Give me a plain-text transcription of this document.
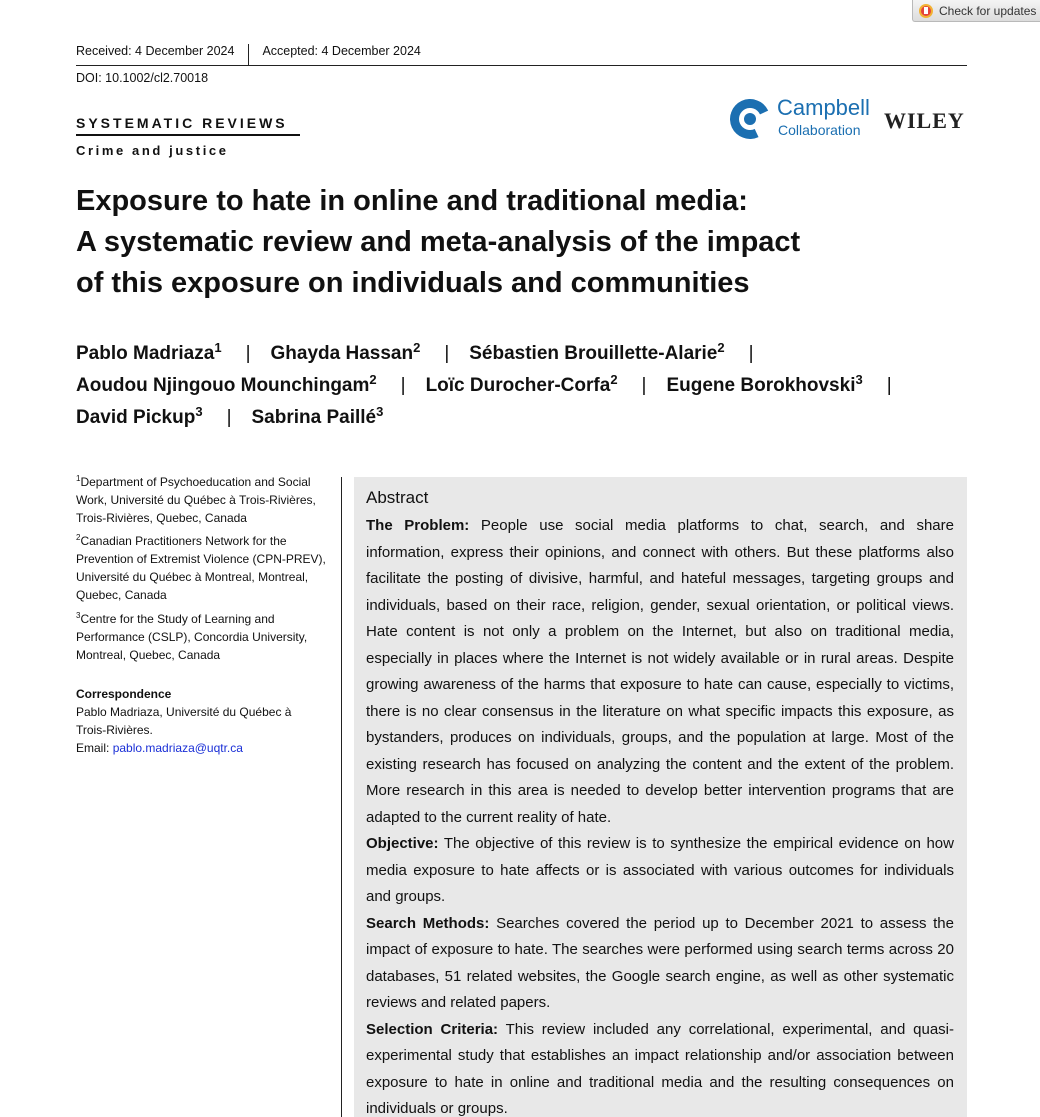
Check for updates
Received: 4 December 2024	Accepted: 4 December 2024
DOI: 10.1002/cl2.70018
SYSTEMATIC REVIEWS
Crime and justice
Campbell
Collaboration WILEY
Exposure to hate in online and traditional media:
A systematic review and meta-analysis of the impact
of this exposure on individuals and communities
Pablo Madriaza$^1$ | Ghayda Hassan$^2$ | Sébastien Brouillette-Alarie$^2$ |
Aoudou Njingouo Mounchingam$^2$ | Loïc Durocher-Corfa$^2$ | Eugene Borokhovski$^3$ |
David Pickup$^3$ | Sabrina Paillé$^3$
$^1$Department of Psychoeducation and Social
Work, Université du Québec à Trois-Rivières,
Trois-Rivières, Quebec, Canada
$^2$Canadian Practitioners Network for the
Prevention of Extremist Violence (CPN-PREV),
Université du Québec à Montreal, Montreal,
Quebec, Canada
$^3$Centre for the Study of Learning and
Performance (CSLP), Concordia University,
Montreal, Quebec, Canada
Correspondence
Pablo Madriaza, Université du Québec à
Trois-Rivières.
Email: pablo.madriaza@uqtr.ca
Abstract

The Problem: People use social media platforms to chat, search, and share information, express their opinions, and connect with others. But these platforms also facilitate the posting of divisive, harmful, and hateful messages, targeting groups and individuals, based on their race, religion, gender, sexual orientation, or political views. Hate content is not only a problem on the Internet, but also on traditional media, especially in places where the Internet is not widely available or in rural areas. Despite growing awareness of the harms that exposure to hate can cause, especially to victims, there is no clear consensus in the literature on what specific impacts this exposure, as bystanders, produces on individuals, groups, and the population at large. Most of the existing research has focused on analyzing the content and the extent of the problem. More research in this area is needed to develop better intervention programs that are adapted to the current reality of hate.

Objective: The objective of this review is to synthesize the empirical evidence on how media exposure to hate affects or is associated with various outcomes for individuals and groups.

Search Methods: Searches covered the period up to December 2021 to assess the impact of exposure to hate. The searches were performed using search terms across 20 databases, 51 related websites, the Google search engine, as well as other systematic reviews and related papers.

Selection Criteria: This review included any correlational, experimental, and quasi-experimental study that establishes an impact relationship and/or association between exposure to hate in online and traditional media and the resulting consequences on individuals or groups.
